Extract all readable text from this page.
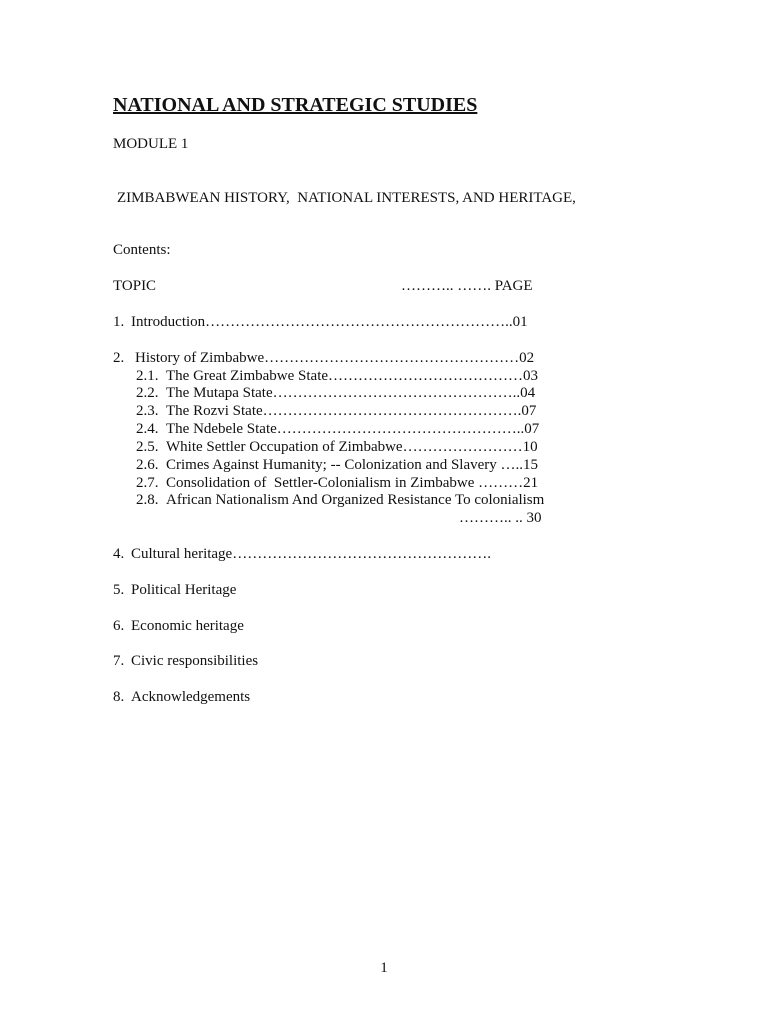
NATIONAL AND STRATEGIC STUDIES
MODULE 1
ZIMBABWEAN HISTORY,  NATIONAL INTERESTS, AND HERITAGE,
Contents:
TOPIC	……….. ……. PAGE
1. Introduction……………………………………………………..01
2. History of Zimbabwe……………………………………………02
2.1. The Great Zimbabwe State…………………………………03
2.2. The Mutapa State…………………………………………..04
2.3. The Rozvi State…………………………………………….07
2.4. The Ndebele State…………………………………………..07
2.5. White Settler Occupation of Zimbabwe……………………10
2.6. Crimes Against Humanity; -- Colonization and Slavery …..15
2.7. Consolidation of  Settler-Colonialism in Zimbabwe ………21
2.8. African Nationalism And Organized Resistance To colonialism
……….. .. 30
4. Cultural heritage…………………………………………….
5. Political Heritage
6. Economic heritage
7. Civic responsibilities
8. Acknowledgements
1
